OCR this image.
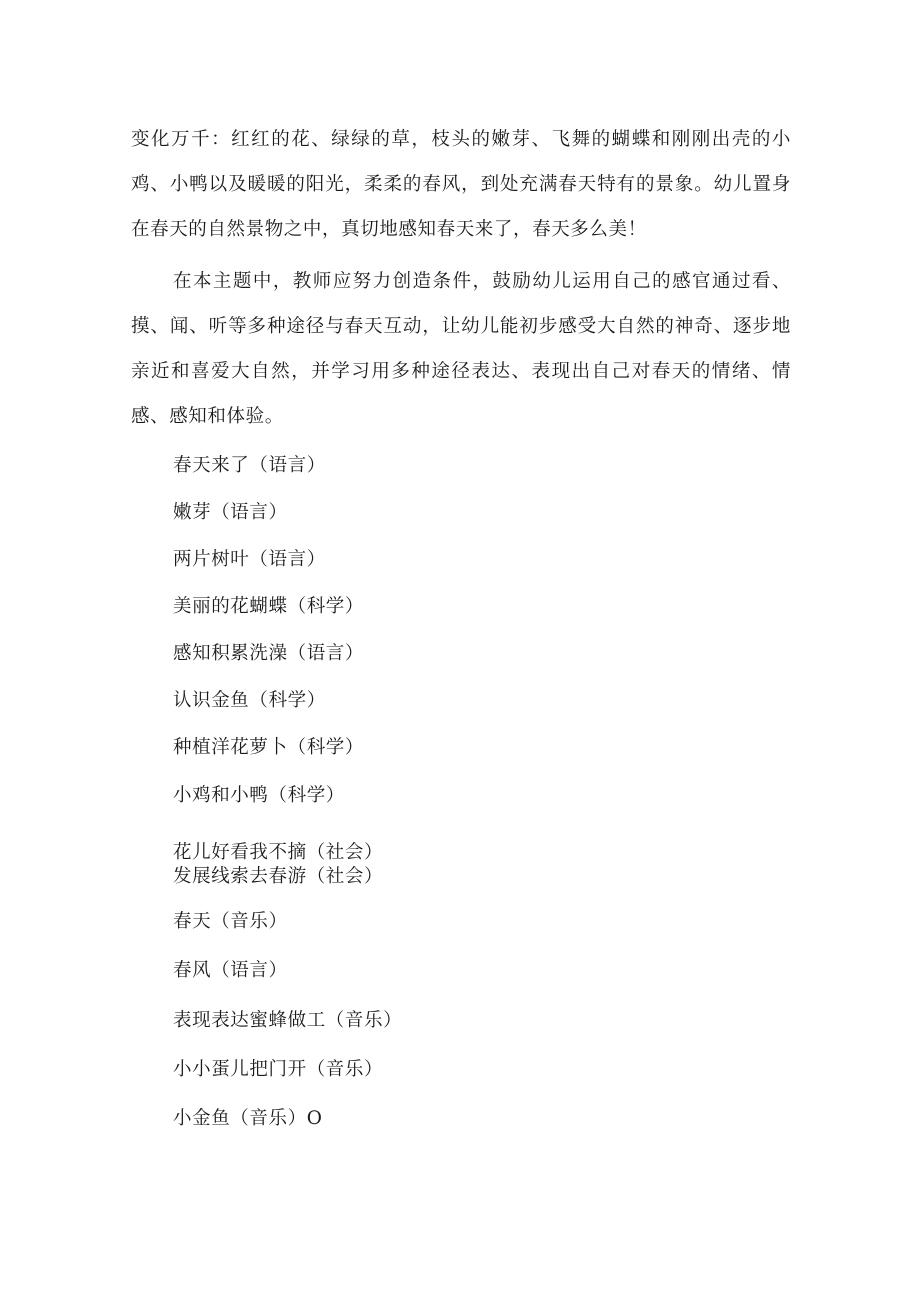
变化万千：红红的花、绿绿的草，枝头的嫩芽、飞舞的蝴蝶和刚刚出壳的小鸡、小鸭以及暖暖的阳光，柔柔的春风，到处充满春天特有的景象。幼儿置身在春天的自然景物之中，真切地感知春天来了，春天多么美！

在本主题中，教师应努力创造条件，鼓励幼儿运用自己的感官通过看、摸、闻、听等多种途径与春天互动，让幼儿能初步感受大自然的神奇、逐步地亲近和喜爱大自然，并学习用多种途径表达、表现出自己对春天的情绪、情感、感知和体验。

春天来了（语言）

嫩芽（语言）

两片树叶（语言）

美丽的花蝴蝶（科学）

感知积累洗澡（语言）

认识金鱼（科学）

种植洋花萝卜（科学）

小鸡和小鸭（科学）

花儿好看我不摘（社会）

发展线索去春游（社会）

春天（音乐）

春风（语言）

表现表达蜜蜂做工（音乐）

小小蛋儿把门开（音乐）

小金鱼（音乐）O
